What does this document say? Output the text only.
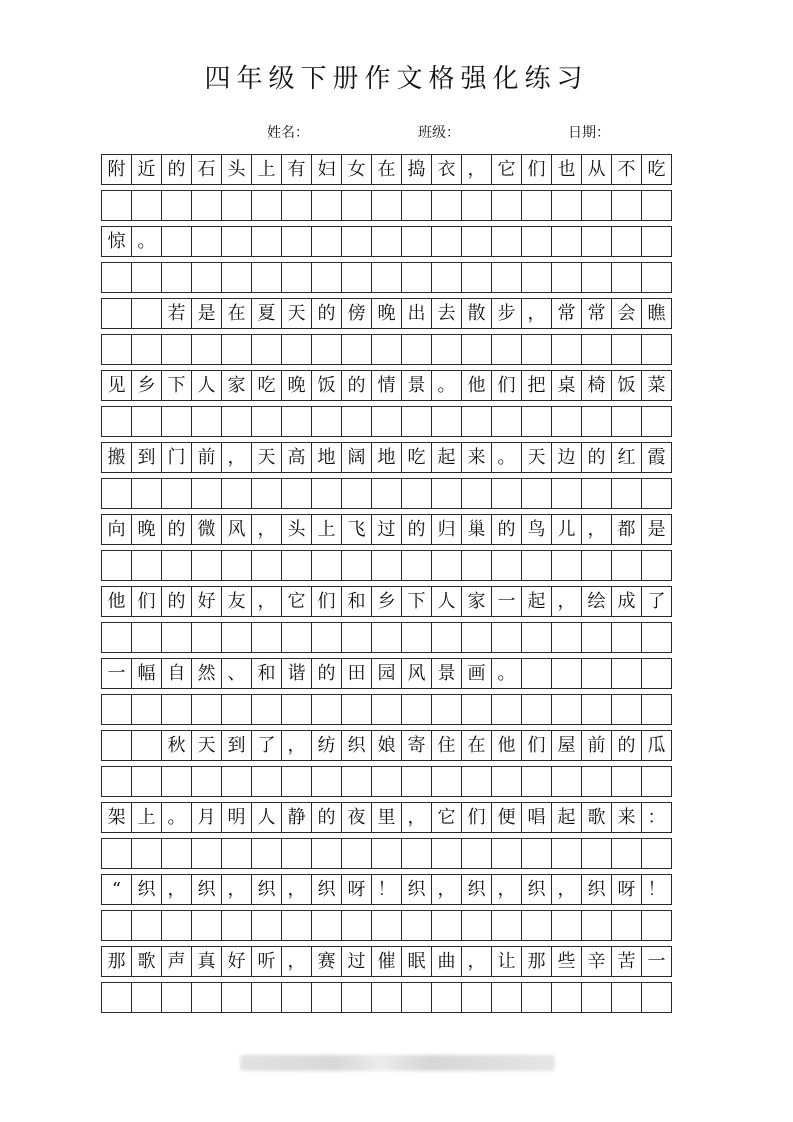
四年级下册作文格强化练习
姓名：	班级：	日期：
附 近 的 石 头 上 有 妇 女 在 捣 衣 ， 它 们 也 从 不 吃
惊 。
若 是 在 夏 天 的 傍 晚 出 去 散 步 ， 常 常 会 瞧
见 乡 下 人 家 吃 晚 饭 的 情 景 。 他 们 把 桌 椅 饭 菜
搬 到 门 前 ， 天 高 地 阔 地 吃 起 来 。 天 边 的 红 霞
向 晚 的 微 风 ， 头 上 飞 过 的 归 巢 的 鸟 儿 ， 都 是
他 们 的 好 友 ， 它 们 和 乡 下 人 家 一 起 ， 绘 成 了
一 幅 自 然 、 和 谐 的 田 园 风 景 画 。
秋 天 到 了 ， 纺 织 娘 寄 住 在 他 们 屋 前 的 瓜
架 上 。 月 明 人 静 的 夜 里 ， 它 们 便 唱 起 歌 来 ：
“ 织 ， 织 ， 织 ， 织 呀 ！ 织 ， 织 ， 织 ， 织 呀 ！
那 歌 声 真 好 听 ， 赛 过 催 眠 曲 ， 让 那 些 辛 苦 一
